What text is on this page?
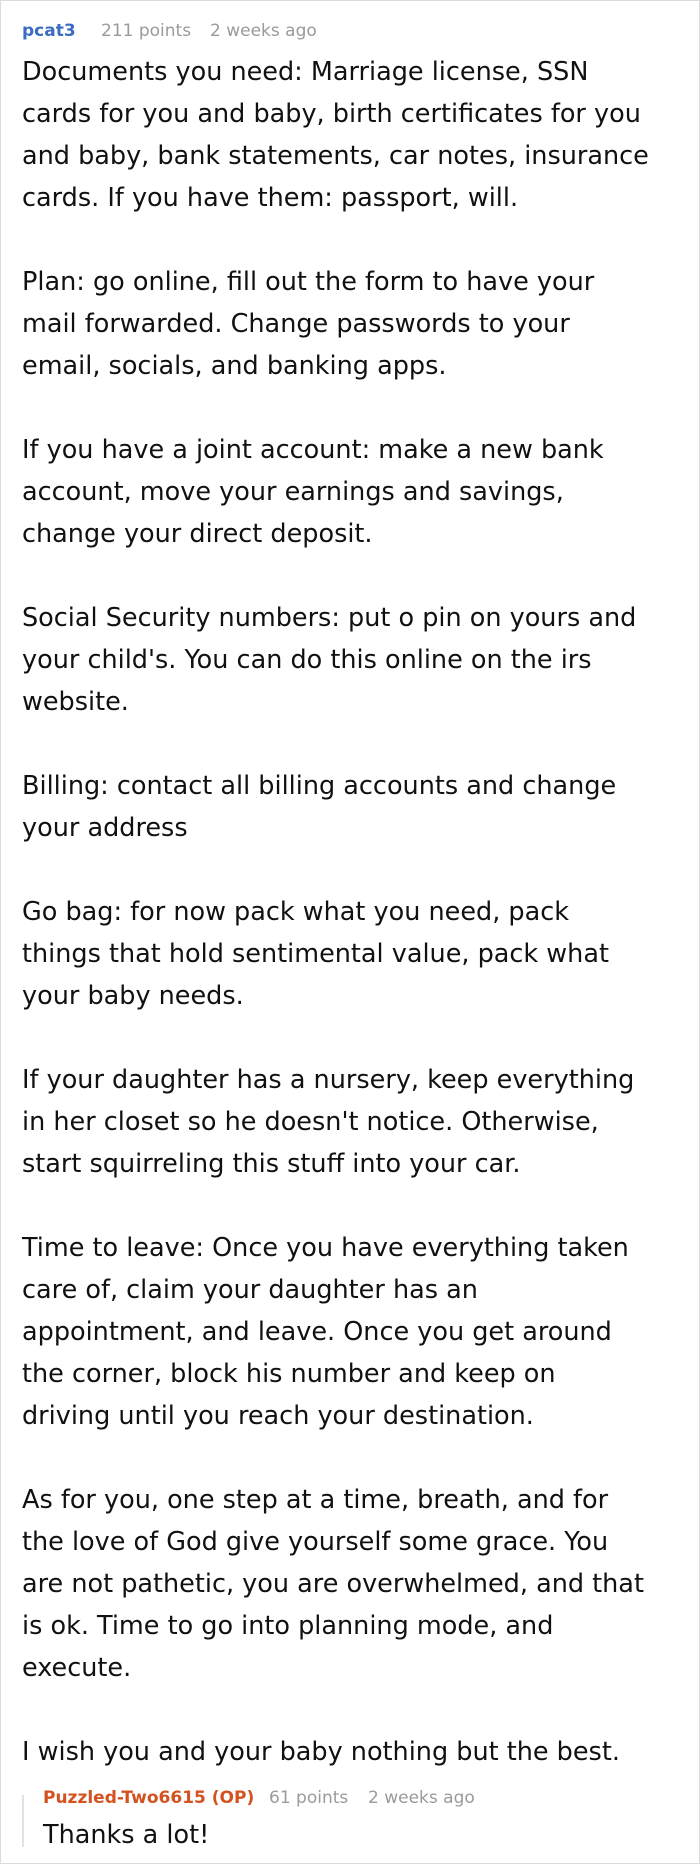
pcat3 211 points 2 weeks ago

Documents you need: Marriage license, SSN
cards for you and baby, birth certificates for you
and baby, bank statements, car notes, insurance
cards. If you have them: passport, will.

Plan: go online, fill out the form to have your
mail forwarded. Change passwords to your
email, socials, and banking apps.

If you have a joint account: make a new bank
account, move your earnings and savings,
change your direct deposit.

Social Security numbers: put o pin on yours and
your child's. You can do this online on the irs
website.

Billing: contact all billing accounts and change
your address

Go bag: for now pack what you need, pack
things that hold sentimental value, pack what
your baby needs.

If your daughter has a nursery, keep everything
in her closet so he doesn't notice. Otherwise,
start squirreling this stuff into your car.

Time to leave: Once you have everything taken
care of, claim your daughter has an
appointment, and leave. Once you get around
the corner, block his number and keep on
driving until you reach your destination.

As for you, one step at a time, breath, and for
the love of God give yourself some grace. You
are not pathetic, you are overwhelmed, and that
is ok. Time to go into planning mode, and
execute.

I wish you and your baby nothing but the best.

Puzzled-Two6615 (OP) 61 points 2 weeks ago
Thanks a lot!
